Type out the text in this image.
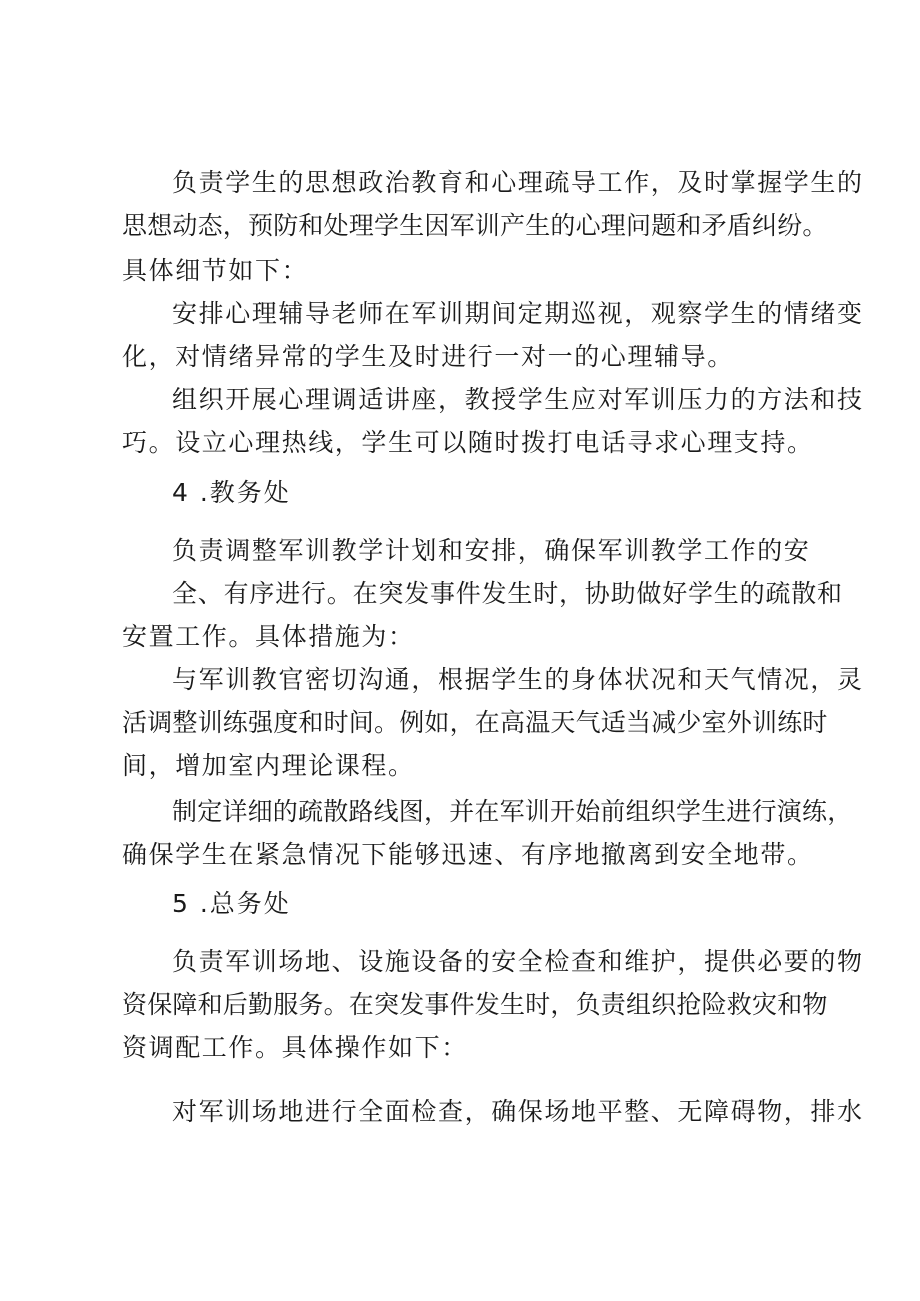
负责学生的思想政治教育和心理疏导工作，及时掌握学生的
思想动态，预防和处理学生因军训产生的心理问题和矛盾纠纷。
具体细节如下：
安排心理辅导老师在军训期间定期巡视，观察学生的情绪变
化，对情绪异常的学生及时进行一对一的心理辅导。
组织开展心理调适讲座，教授学生应对军训压力的方法和技
巧。设立心理热线，学生可以随时拨打电话寻求心理支持。
4 .教务处
负责调整军训教学计划和安排，确保军训教学工作的安
全、有序进行。在突发事件发生时，协助做好学生的疏散和
安置工作。具体措施为：
与军训教官密切沟通，根据学生的身体状况和天气情况，灵
活调整训练强度和时间。例如，在高温天气适当减少室外训练时
间，增加室内理论课程。
制定详细的疏散路线图，并在军训开始前组织学生进行演练，
确保学生在紧急情况下能够迅速、有序地撤离到安全地带。
5 .总务处
负责军训场地、设施设备的安全检查和维护，提供必要的物
资保障和后勤服务。在突发事件发生时，负责组织抢险救灾和物
资调配工作。具体操作如下：
对军训场地进行全面检查，确保场地平整、无障碍物，排水
